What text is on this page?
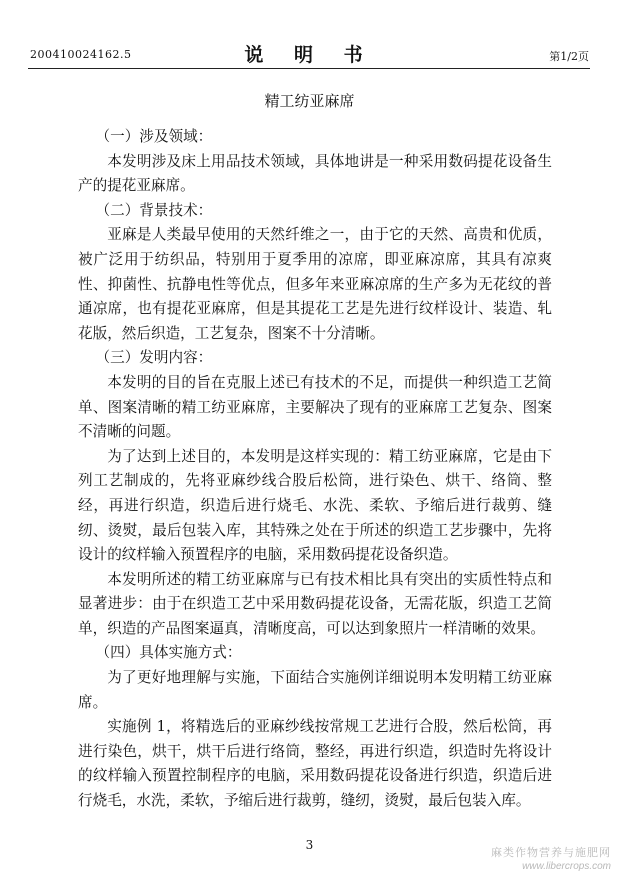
200410024162.5	说 明 书	第1/2页
精工纺亚麻席
（一）涉及领域：

本发明涉及床上用品技术领域，具体地讲是一种采用数码提花设备生产的提花亚麻席。

（二）背景技术：

亚麻是人类最早使用的天然纤维之一，由于它的天然、高贵和优质，被广泛用于纺织品，特别用于夏季用的凉席，即亚麻凉席，其具有凉爽性、抑菌性、抗静电性等优点，但多年来亚麻凉席的生产多为无花纹的普通凉席，也有提花亚麻席，但是其提花工艺是先进行纹样设计、装造、轧花版，然后织造，工艺复杂，图案不十分清晰。

（三）发明内容：

本发明的目的旨在克服上述已有技术的不足，而提供一种织造工艺简单、图案清晰的精工纺亚麻席，主要解决了现有的亚麻席工艺复杂、图案不清晰的问题。

为了达到上述目的，本发明是这样实现的：精工纺亚麻席，它是由下列工艺制成的，先将亚麻纱线合股后松筒，进行染色、烘干、络筒、整经，再进行织造，织造后进行烧毛、水洗、柔软、予缩后进行裁剪、缝纫、烫熨，最后包装入库，其特殊之处在于所述的织造工艺步骤中，先将设计的纹样输入预置程序的电脑，采用数码提花设备织造。

本发明所述的精工纺亚麻席与已有技术相比具有突出的实质性特点和显著进步：由于在织造工艺中采用数码提花设备，无需花版，织造工艺简单，织造的产品图案逼真，清晰度高，可以达到象照片一样清晰的效果。

（四）具体实施方式：

为了更好地理解与实施，下面结合实施例详细说明本发明精工纺亚麻席。

实施例 1，将精选后的亚麻纱线按常规工艺进行合股，然后松筒，再进行染色，烘干，烘干后进行络筒，整经，再进行织造，织造时先将设计的纹样输入预置控制程序的电脑，采用数码提花设备进行织造，织造后进行烧毛，水洗，柔软，予缩后进行裁剪，缝纫，烫熨，最后包装入库。

3
麻类作物营养与施肥网
www.libercrops.com
